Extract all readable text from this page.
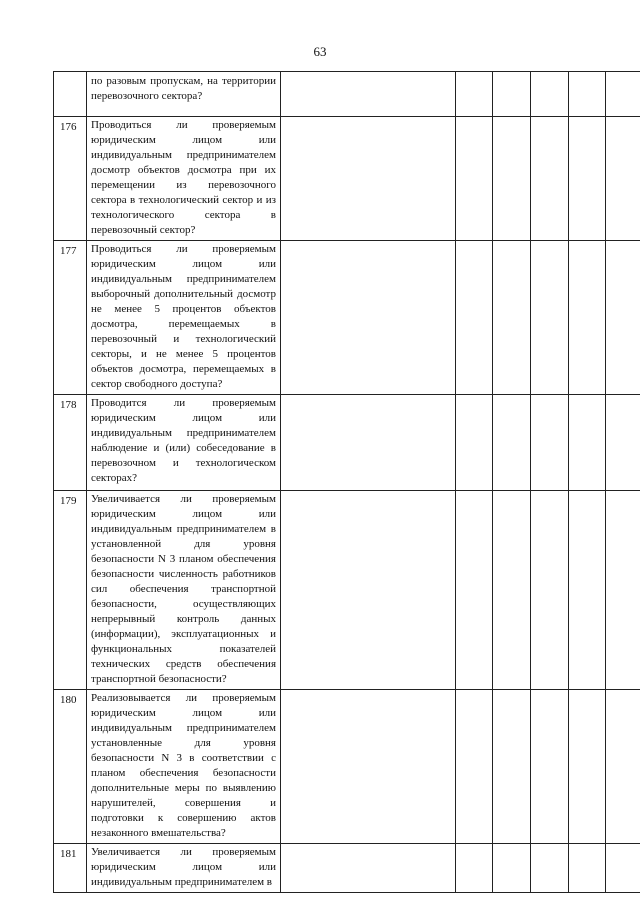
63
	по разовым пропускам, на территории перевозочного сектора?						
176	Проводиться ли проверяемым юридическим лицом или индивидуальным предпринимателем досмотр объектов досмотра при их перемещении из перевозочного сектора в технологический сектор и из технологического сектора в перевозочный сектор?						
177	Проводиться ли проверяемым юридическим лицом или индивидуальным предпринимателем выборочный дополнительный досмотр не менее 5 процентов объектов досмотра, перемещаемых в перевозочный и технологический секторы, и не менее 5 процентов объектов досмотра, перемещаемых в сектор свободного доступа?						
178	Проводится ли проверяемым юридическим лицом или индивидуальным предпринимателем наблюдение и (или) собеседование в перевозочном и технологическом секторах?						
179	Увеличивается ли проверяемым юридическим лицом или индивидуальным предпринимателем в установленной для уровня безопасности N 3 планом обеспечения безопасности численность работников сил обеспечения транспортной безопасности, осуществляющих непрерывный контроль данных (информации), эксплуатационных и функциональных показателей технических средств обеспечения транспортной безопасности?						
180	Реализовывается ли проверяемым юридическим лицом или индивидуальным предпринимателем установленные для уровня безопасности N 3 в соответствии с планом обеспечения безопасности дополнительные меры по выявлению нарушителей, совершения и подготовки к совершению актов незаконного вмешательства?						
181	Увеличивается ли проверяемым юридическим лицом или индивидуальным предпринимателем в						
